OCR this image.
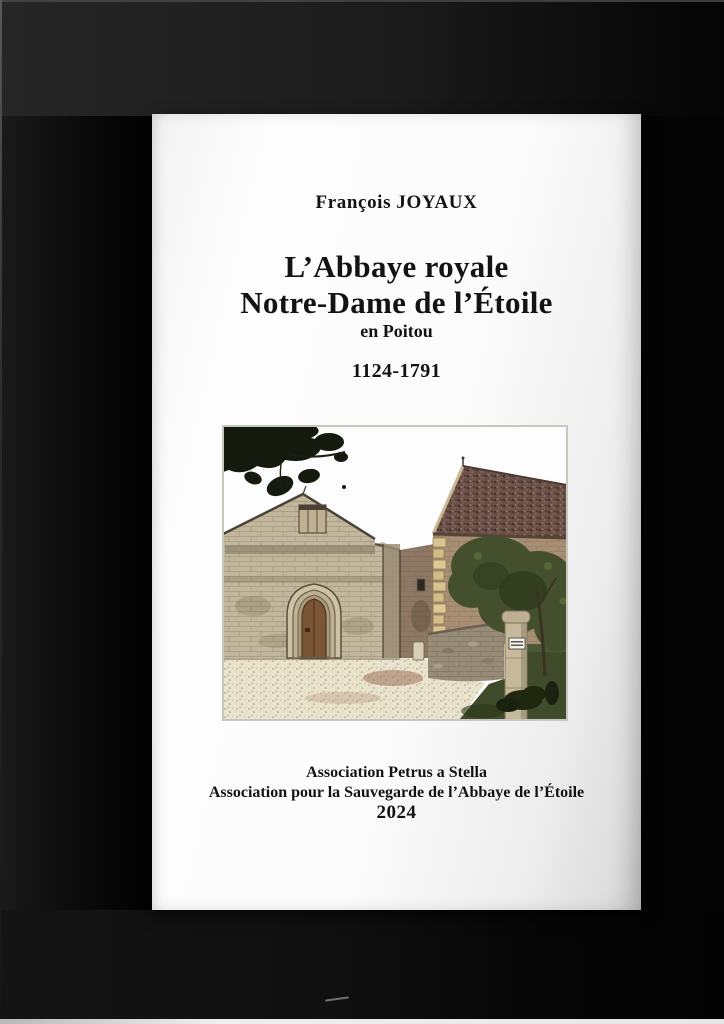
François JOYAUX
L’Abbaye royale
Notre-Dame de l’Étoile
en Poitou
1124-1791
Association Petrus a Stella
Association pour la Sauvegarde de l’Abbaye de l’Étoile
2024
